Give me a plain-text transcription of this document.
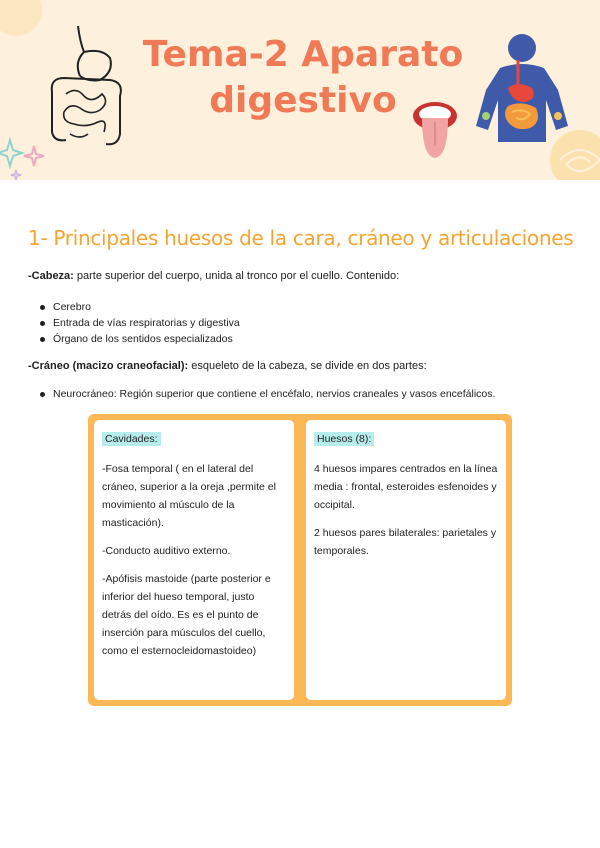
Tema-2 Aparato
digestivo
1- Principales huesos de la cara, cráneo y articulaciones
-Cabeza: parte superior del cuerpo, unida al tronco por el cuello. Contenido:
Cerebro
Entrada de vías respiratorias y digestiva
Órgano de los sentidos especializados
-Cráneo (macizo craneofacial): esqueleto de la cabeza, se divide en dos partes:
Neurocráneo: Región superior que contiene el encéfalo, nervios craneales y vasos encefálicos.

Cavidades:

-Fosa temporal ( en el lateral del cráneo, superior a la oreja ,permite el movimiento al músculo de la masticación).

-Conducto auditivo externo.

-Apófisis mastoide (parte posterior e inferior del hueso temporal, justo detrás del oído. Es es el punto de inserción para músculos del cuello, como el esternocleidomastoideo)

Huesos (8):

4 huesos impares centrados en la línea media : frontal, esteroides esfenoides y occipital.

2 huesos pares bilaterales: parietales y temporales.
